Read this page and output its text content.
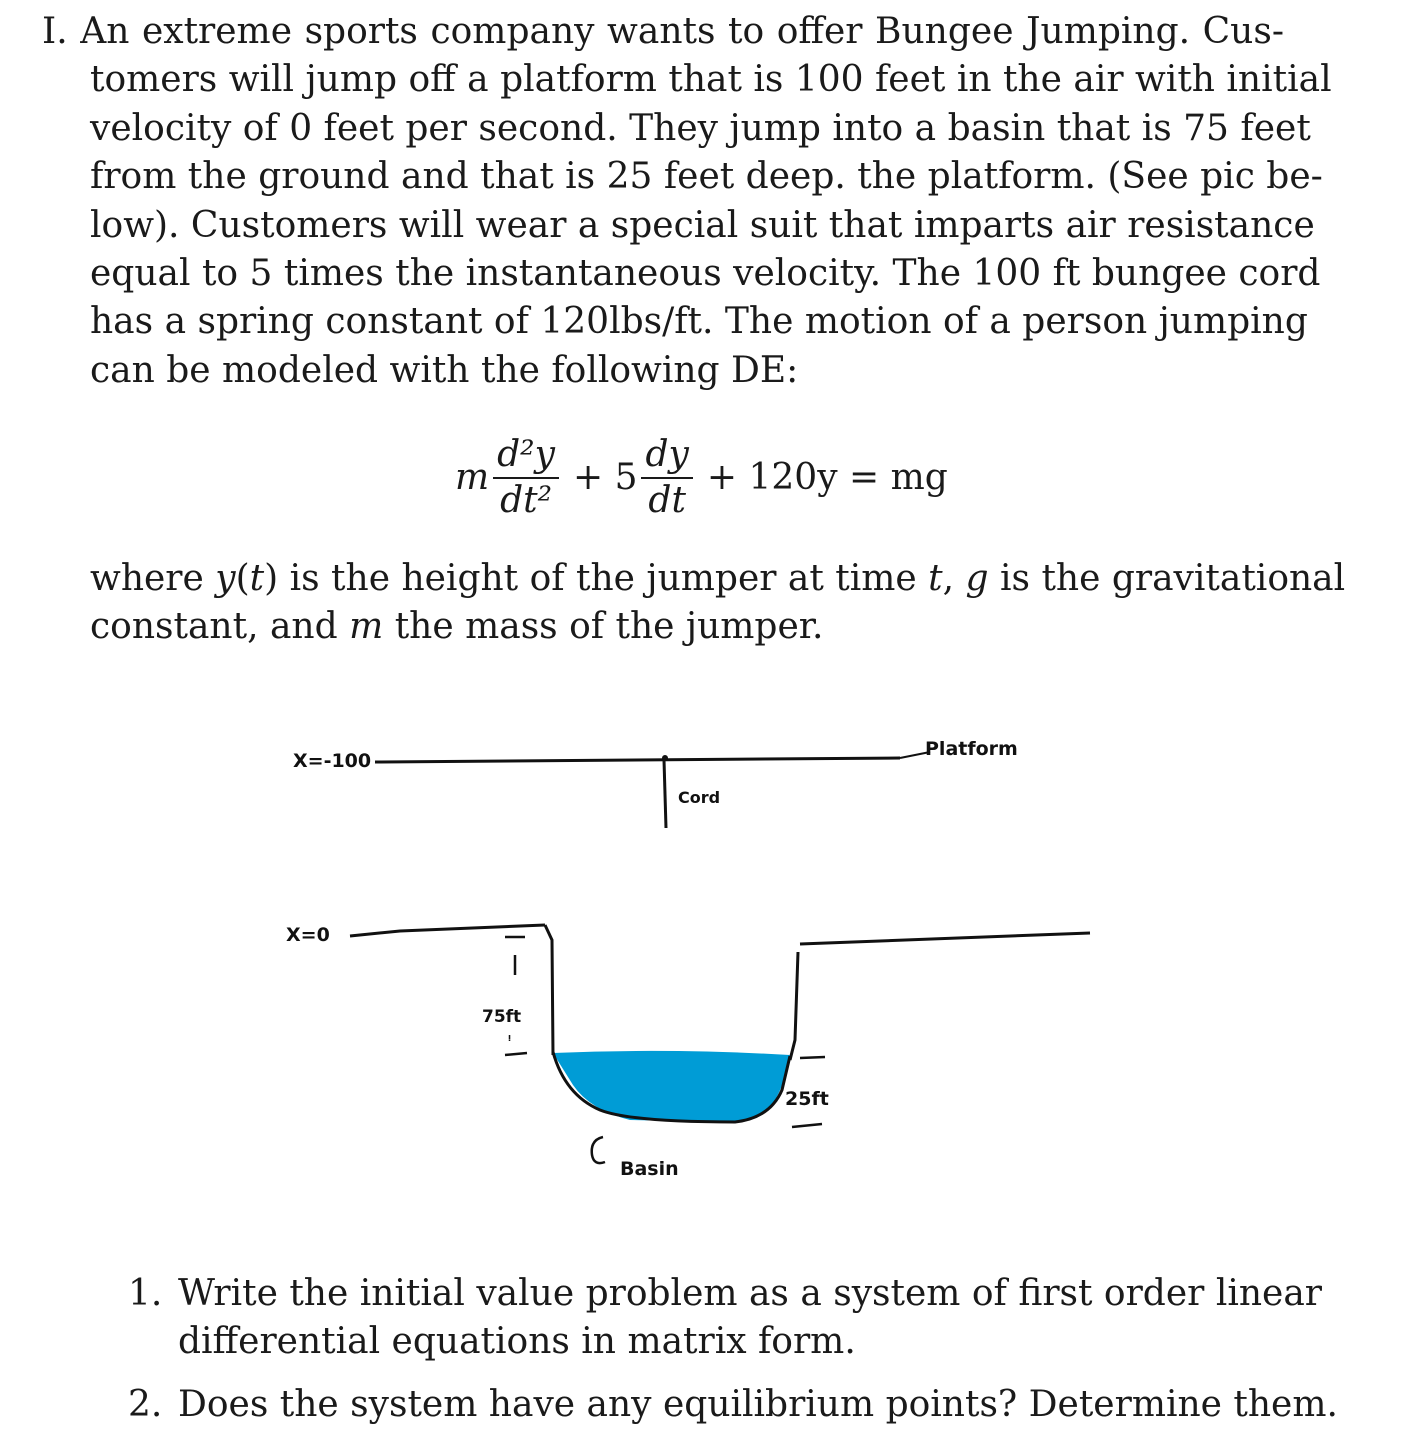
I. An extreme sports company wants to offer Bungee Jumping. Cus-
tomers will jump off a platform that is 100 feet in the air with initial
velocity of 0 feet per second. They jump into a basin that is 75 feet
from the ground and that is 25 feet deep. the platform. (See pic be-
low). Customers will wear a special suit that imparts air resistance
equal to 5 times the instantaneous velocity. The 100 ft bungee cord
has a spring constant of 120lbs/ft. The motion of a person jumping
can be modeled with the following DE:
m $\frac{\text{d²y}}{\text{dt²}} + 5 \frac{dy}{dt} + 120y$ = mg
where y(t) is the height of the jumper at time t, g is the gravitational
constant, and m the mass of the jumper.
X=-100
Platform
Cord
X=0
75ft
ᵎ
25ft
Basin
1. Write the initial value problem as a system of first order linear
differential equations in matrix form.
2. Does the system have any equilibrium points? Determine them.
